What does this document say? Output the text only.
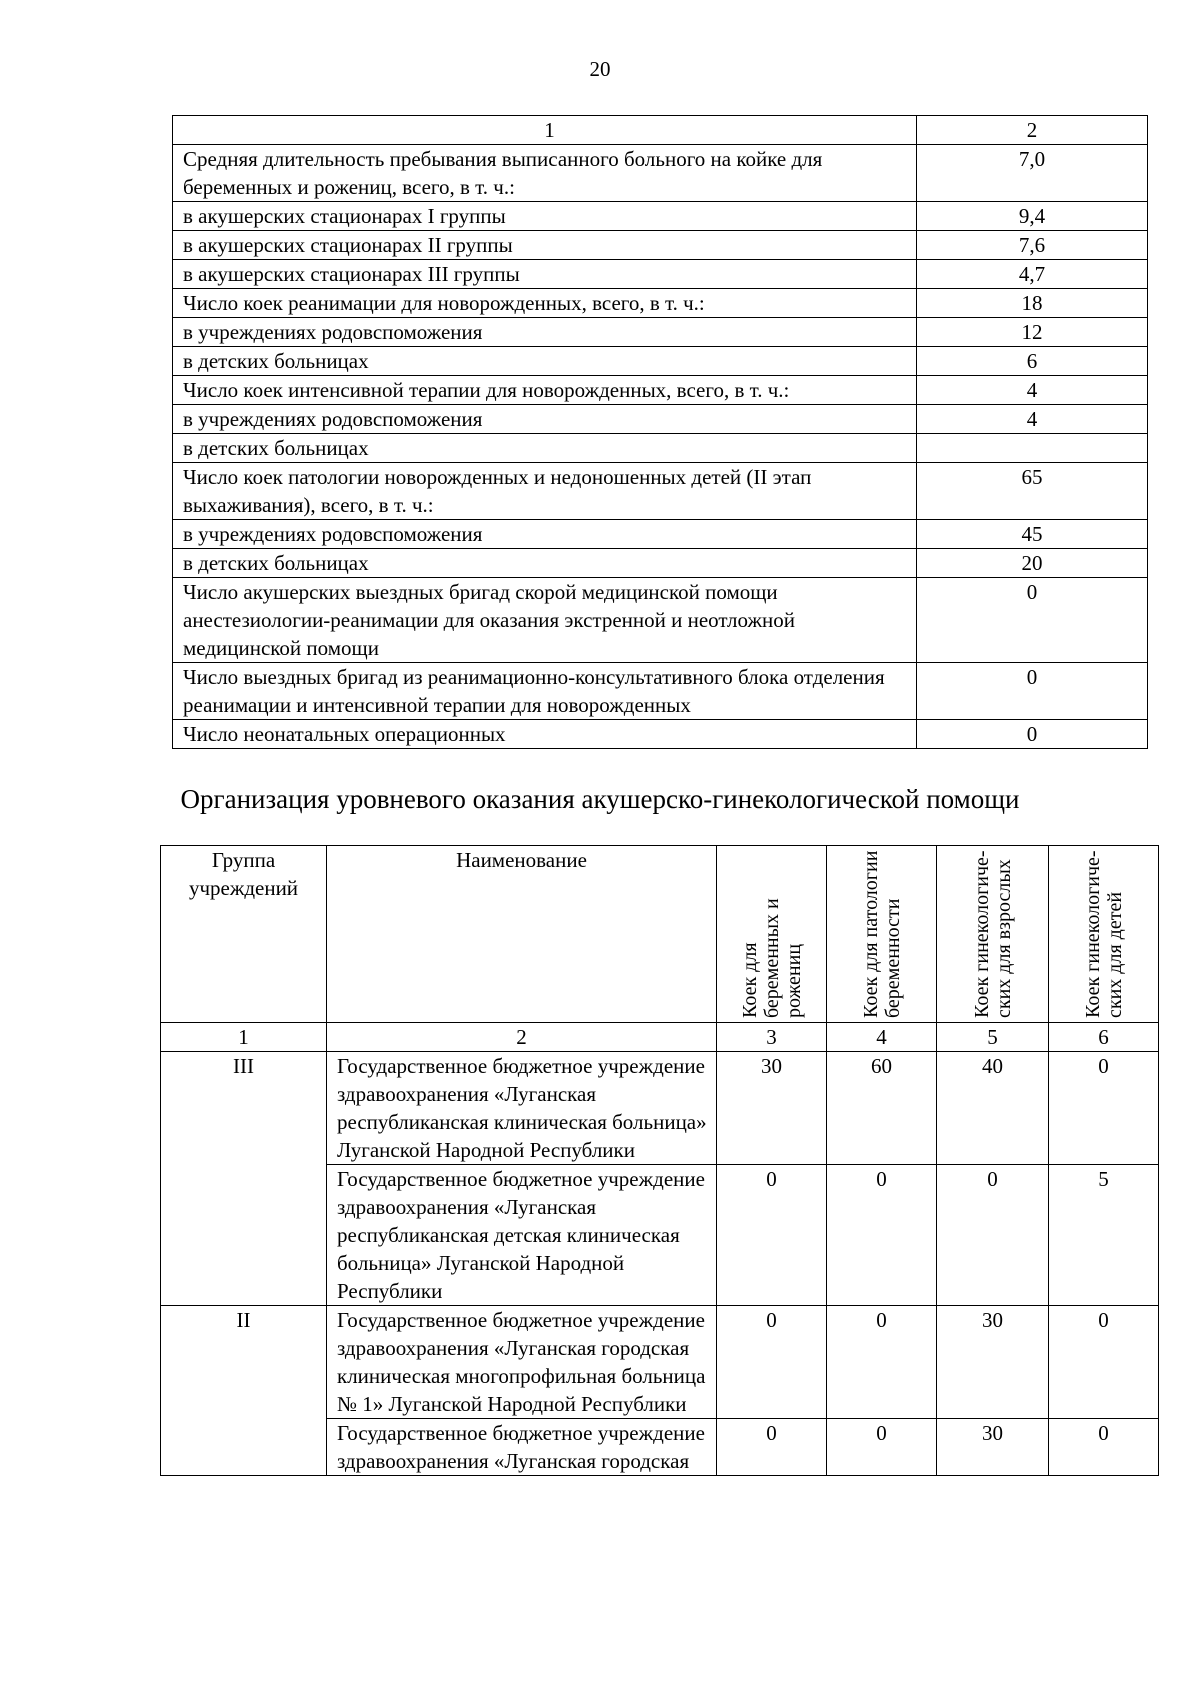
20
1	2
Средняя длительность пребывания выписанного больного на койке для беременных и рожениц, всего, в т. ч.:	7,0
в акушерских стационарах I группы	9,4
в акушерских стационарах II группы	7,6
в акушерских стационарах III группы	4,7
Число коек реанимации для новорожденных, всего, в т. ч.:	18
в учреждениях родовспоможения	12
в детских больницах	6
Число коек интенсивной терапии для новорожденных, всего, в т. ч.:	4
в учреждениях родовспоможения	4
в детских больницах	
Число коек патологии новорожденных и недоношенных детей (II этап выхаживания), всего, в т. ч.:	65
в учреждениях родовспоможения	45
в детских больницах	20
Число акушерских выездных бригад скорой медицинской помощи анестезиологии-реанимации для оказания экстренной и неотложной медицинской помощи	0
Число выездных бригад из реанимационно-консультативного блока отделения реанимации и интенсивной терапии для новорожденных	0
Число неонатальных операционных	0
Организация уровневого оказания акушерско-гинекологической помощи
Группа учреждений	Наименование	Коек для беременных и рожениц	Коек для патологии беременности	Коек гинекологиче-ских для взрослых	Коек гинекологиче-ских для детей

1	2	3	4	5	6
III	Государственное бюджетное учреждение здравоохранения «Луганская республиканская клиническая больница» Луганской Народной Республики	30	60	40	0
	Государственное бюджетное учреждение здравоохранения «Луганская республиканская детская клиническая больница» Луганской Народной Республики	0	0	0	5
II	Государственное бюджетное учреждение здравоохранения «Луганская городская клиническая многопрофильная больница № 1» Луганской Народной Республики	0	0	30	0
	Государственное бюджетное учреждение здравоохранения «Луганская городская	0	0	30	0
